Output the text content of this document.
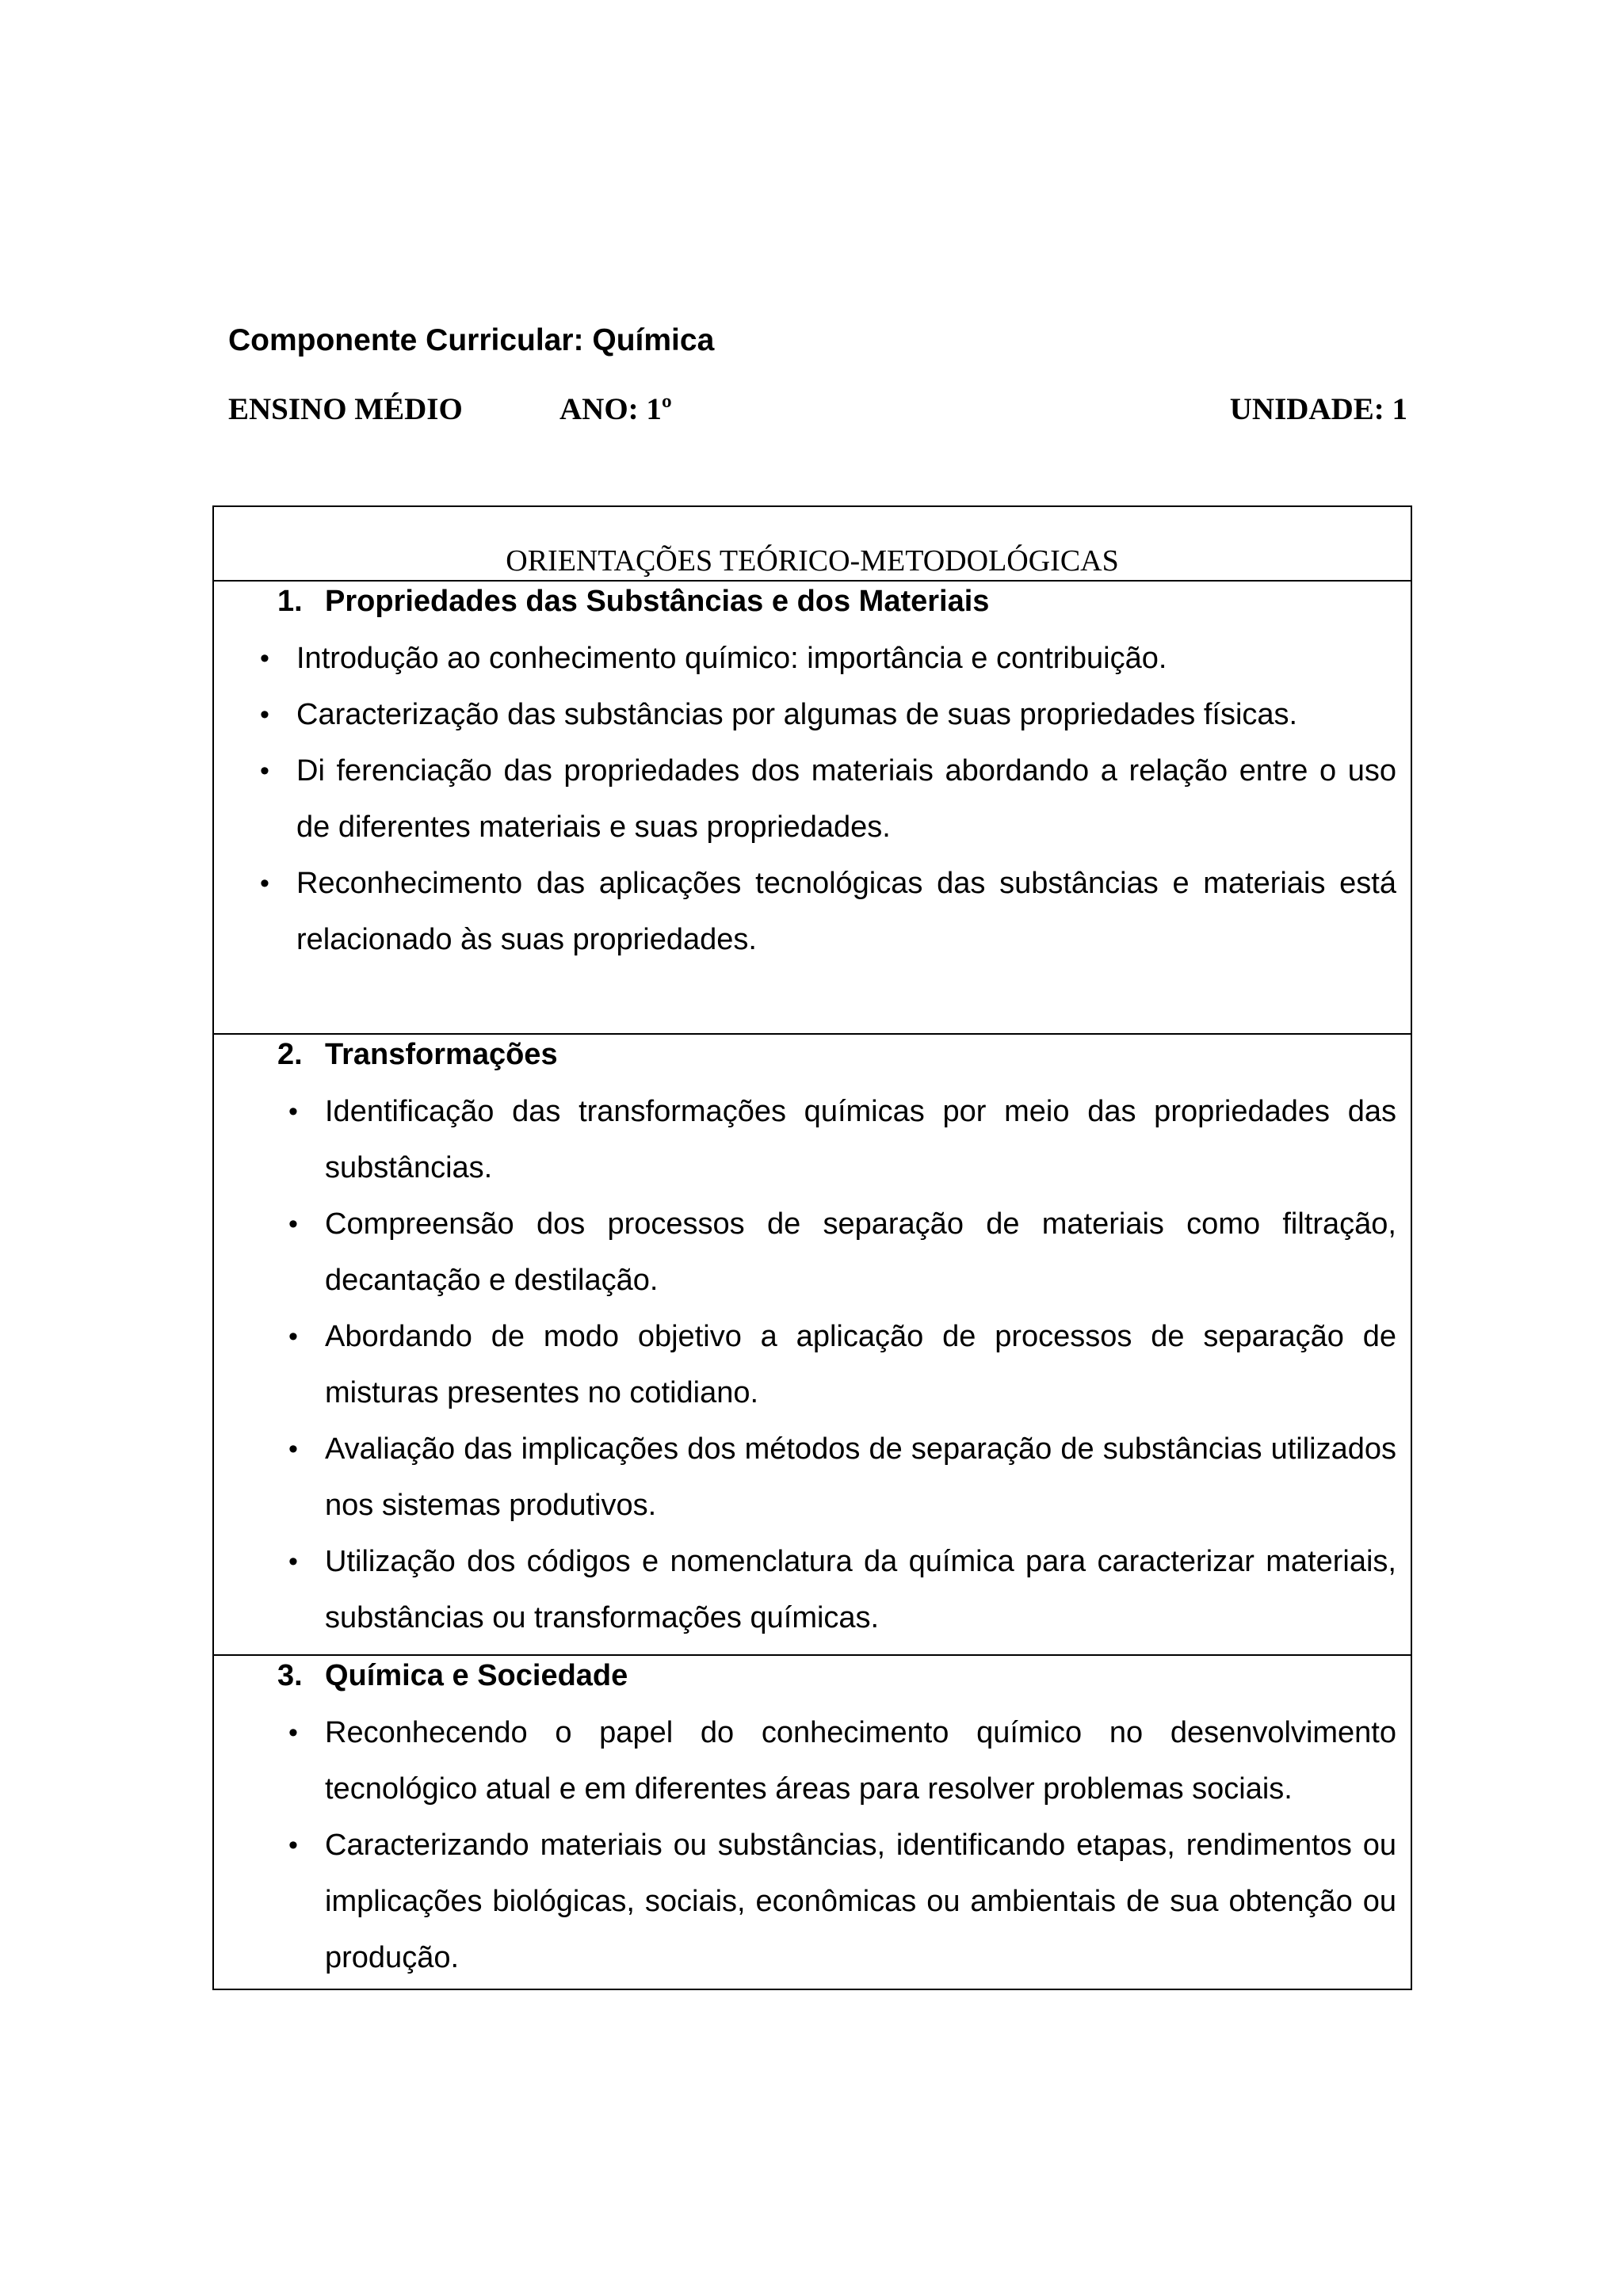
Componente Curricular: Química
ENSINO MÉDIO	ANO: 1º	UNIDADE: 1
ORIENTAÇÕES TEÓRICO-METODOLÓGICAS
1. Propriedades das Substâncias e dos Materiais
• Introdução ao conhecimento químico: importância e contribuição.
• Caracterização das substâncias por algumas de suas propriedades físicas.
• Di ferenciação das propriedades dos materiais abordando a relação entre o uso de diferentes materiais e suas propriedades.
• Reconhecimento das aplicações tecnológicas das substâncias e materiais está relacionado às suas propriedades.
2. Transformações
• Identificação das transformações químicas por meio das propriedades das substâncias.
• Compreensão dos processos de separação de materiais como filtração, decantação e destilação.
• Abordando de modo objetivo a aplicação de processos de separação de misturas presentes no cotidiano.
• Avaliação das implicações dos métodos de separação de substâncias utilizados nos sistemas produtivos.
• Utilização dos códigos e nomenclatura da química para caracterizar materiais, substâncias ou transformações químicas.
3. Química e Sociedade
• Reconhecendo o papel do conhecimento químico no desenvolvimento tecnológico atual e em diferentes áreas para resolver problemas sociais.
• Caracterizando materiais ou substâncias, identificando etapas, rendimentos ou implicações biológicas, sociais, econômicas ou ambientais de sua obtenção ou produção.
